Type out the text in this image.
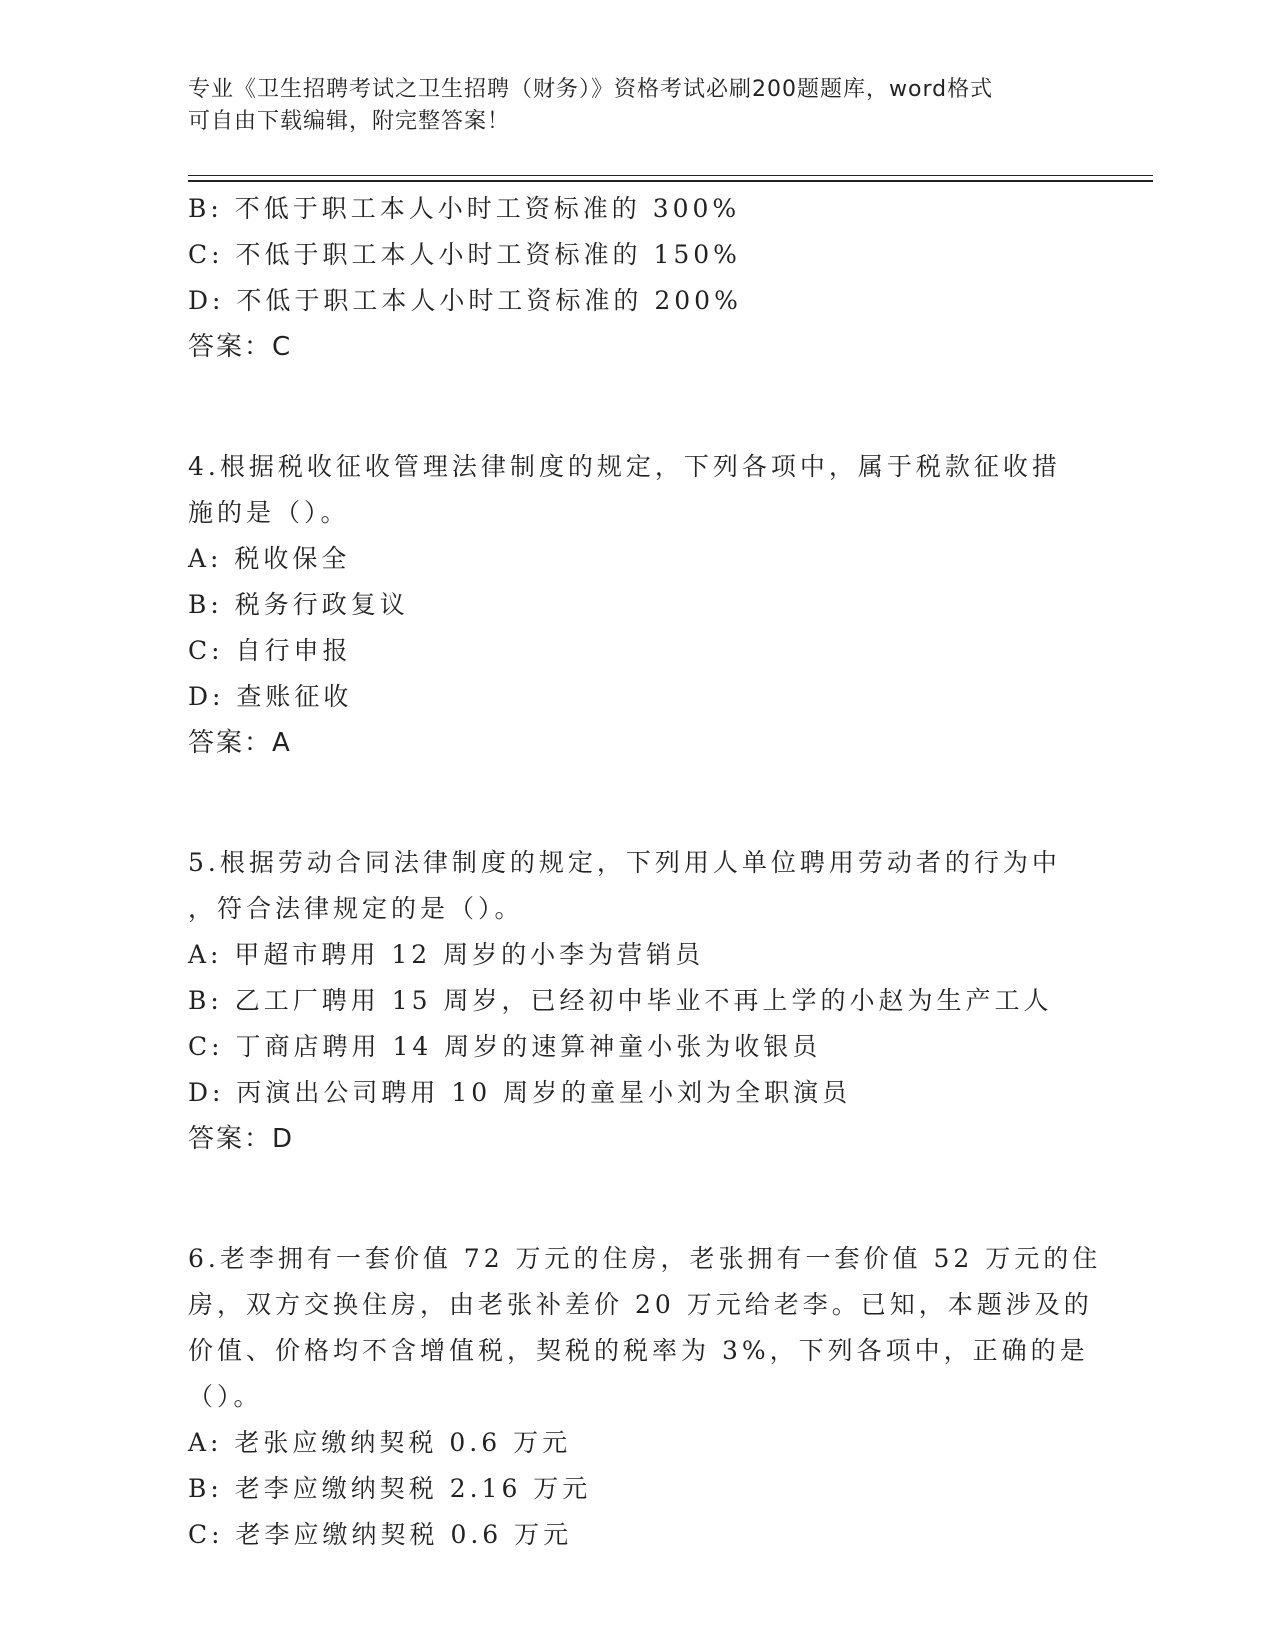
专业《卫生招聘考试之卫生招聘（财务）》资格考试必刷200题题库，word格式
可自由下载编辑，附完整答案！
B: 不低于职工本人小时工资标准的 300%
C: 不低于职工本人小时工资标准的 150%
D: 不低于职工本人小时工资标准的 200%
答案：C
4.根据税收征收管理法律制度的规定，下列各项中，属于税款征收措
施的是（）。
A: 税收保全
B: 税务行政复议
C: 自行申报
D: 查账征收
答案：A
5.根据劳动合同法律制度的规定，下列用人单位聘用劳动者的行为中
，符合法律规定的是（）。
A: 甲超市聘用 12 周岁的小李为营销员
B: 乙工厂聘用 15 周岁，已经初中毕业不再上学的小赵为生产工人
C: 丁商店聘用 14 周岁的速算神童小张为收银员
D: 丙演出公司聘用 10 周岁的童星小刘为全职演员
答案：D
6.老李拥有一套价值 72 万元的住房，老张拥有一套价值 52 万元的住
房，双方交换住房，由老张补差价 20 万元给老李。已知，本题涉及的
价值、价格均不含增值税，契税的税率为 3%，下列各项中，正确的是
（）。
A: 老张应缴纳契税 0.6 万元
B: 老李应缴纳契税 2.16 万元
C: 老李应缴纳契税 0.6 万元
